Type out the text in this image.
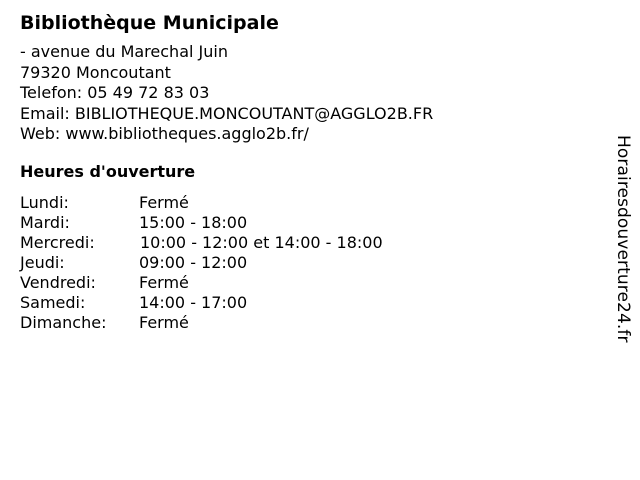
Bibliothèque Municipale
- avenue du Marechal Juin
79320 Moncoutant
Telefon: 05 49 72 83 03
Email: BIBLIOTHEQUE.MONCOUTANT@AGGLO2B.FR
Web: www.bibliotheques.agglo2b.fr/
Heures d'ouverture
Lundi:	Fermé
Mardi:	15:00 - 18:00
Mercredi:	10:00 - 12:00 et 14:00 - 18:00
Jeudi:	09:00 - 12:00
Vendredi:	Fermé
Samedi:	14:00 - 17:00
Dimanche:	Fermé	Horairesdouverture24.fr
